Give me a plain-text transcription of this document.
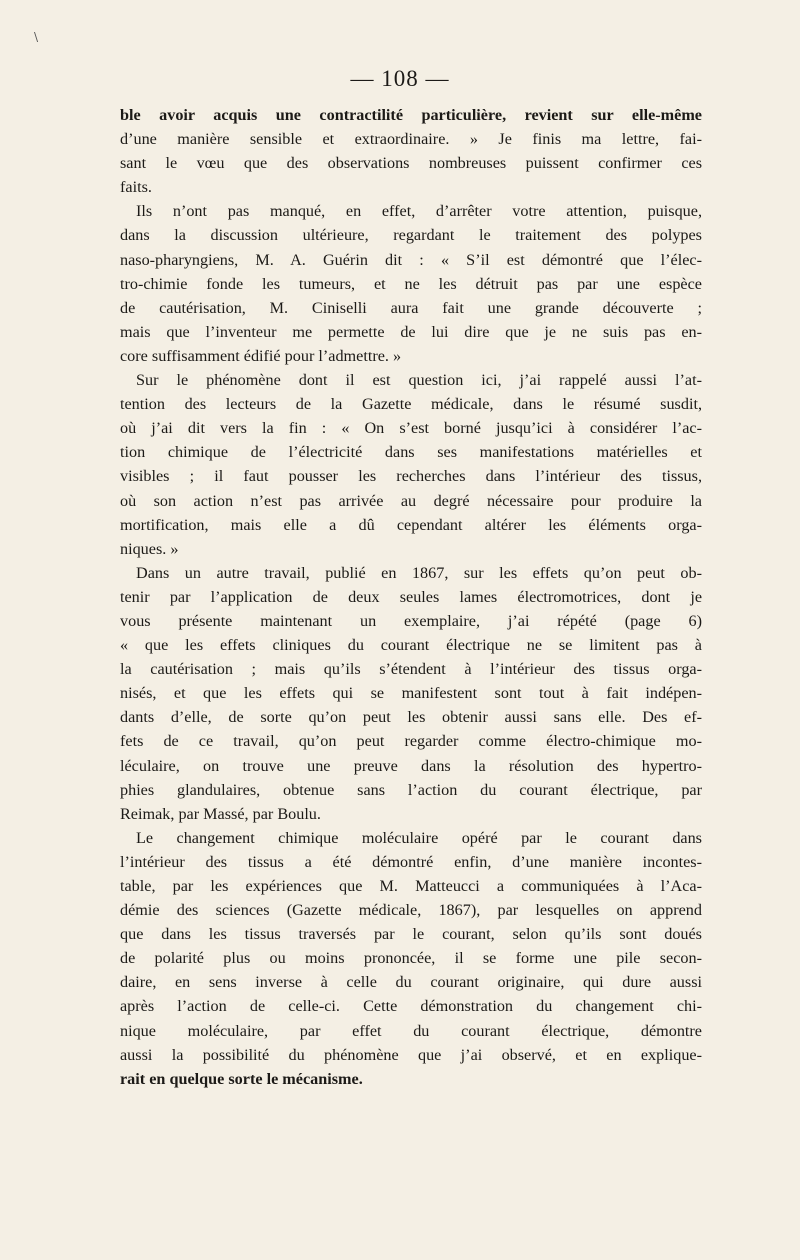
\
— 108 —
ble avoir acquis une contractilité particulière, revient sur elle-même
d’une manière sensible et extraordinaire. » Je finis ma lettre, fai-
sant le vœu que des observations nombreuses puissent confirmer ces
faits.
Ils n’ont pas manqué, en effet, d’arrêter votre attention, puisque,
dans la discussion ultérieure, regardant le traitement des polypes
naso-pharyngiens, M. A. Guérin dit : « S’il est démontré que l’élec-
tro-chimie fonde les tumeurs, et ne les détruit pas par une espèce
de cautérisation, M. Ciniselli aura fait une grande découverte ;
mais que l’inventeur me permette de lui dire que je ne suis pas en-
core suffisamment édifié pour l’admettre. »
Sur le phénomène dont il est question ici, j’ai rappelé aussi l’at-
tention des lecteurs de la Gazette médicale, dans le résumé susdit,
où j’ai dit vers la fin : « On s’est borné jusqu’ici à considérer l’ac-
tion chimique de l’électricité dans ses manifestations matérielles et
visibles ; il faut pousser les recherches dans l’intérieur des tissus,
où son action n’est pas arrivée au degré nécessaire pour produire la
mortification, mais elle a dû cependant altérer les éléments orga-
niques. »
Dans un autre travail, publié en 1867, sur les effets qu’on peut ob-
tenir par l’application de deux seules lames électromotrices, dont je
vous présente maintenant un exemplaire, j’ai répété (page 6)
« que les effets cliniques du courant électrique ne se limitent pas à
la cautérisation ; mais qu’ils s’étendent à l’intérieur des tissus orga-
nisés, et que les effets qui se manifestent sont tout à fait indépen-
dants d’elle, de sorte qu’on peut les obtenir aussi sans elle. Des ef-
fets de ce travail, qu’on peut regarder comme électro-chimique mo-
léculaire, on trouve une preuve dans la résolution des hypertro-
phies glandulaires, obtenue sans l’action du courant électrique, par
Reimak, par Massé, par Boulu.
Le changement chimique moléculaire opéré par le courant dans
l’intérieur des tissus a été démontré enfin, d’une manière incontes-
table, par les expériences que M. Matteucci a communiquées à l’Aca-
démie des sciences (Gazette médicale, 1867), par lesquelles on apprend
que dans les tissus traversés par le courant, selon qu’ils sont doués
de polarité plus ou moins prononcée, il se forme une pile secon-
daire, en sens inverse à celle du courant originaire, qui dure aussi
après l’action de celle-ci. Cette démonstration du changement chi-
nique moléculaire, par effet du courant électrique, démontre
aussi la possibilité du phénomène que j’ai observé, et en explique-
rait en quelque sorte le mécanisme.
